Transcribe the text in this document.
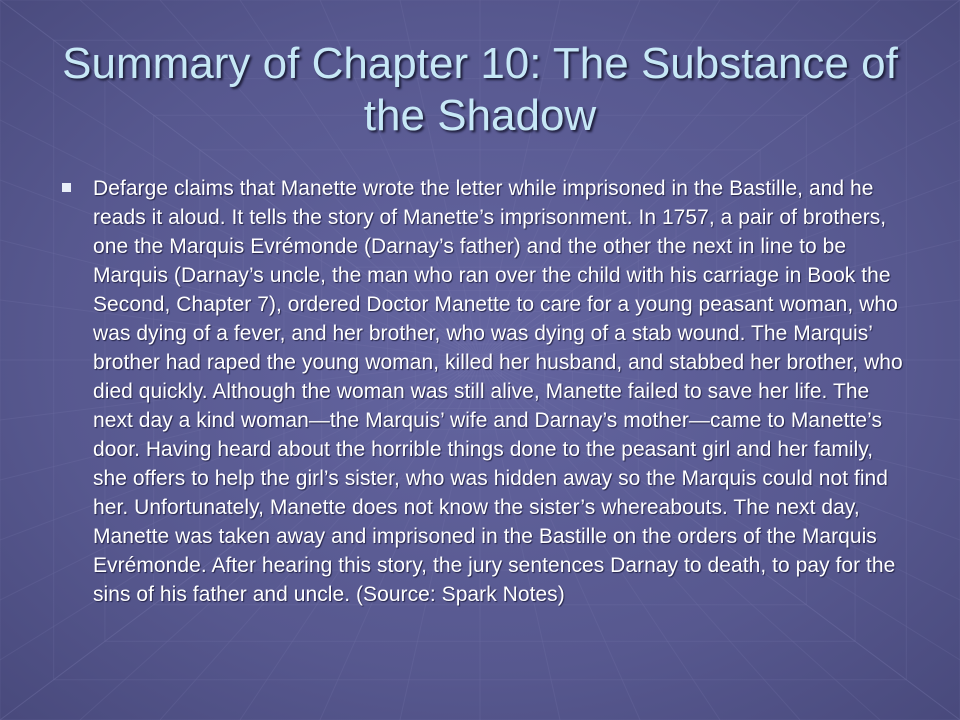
Summary of Chapter 10: The Substance of the Shadow
Defarge claims that Manette wrote the letter while imprisoned in the Bastille, and he reads it aloud. It tells the story of Manette’s imprisonment. In 1757, a pair of brothers, one the Marquis Evrémonde (Darnay’s father) and the other the next in line to be Marquis (Darnay’s uncle, the man who ran over the child with his carriage in Book the Second, Chapter 7), ordered Doctor Manette to care for a young peasant woman, who was dying of a fever, and her brother, who was dying of a stab wound. The Marquis’ brother had raped the young woman, killed her husband, and stabbed her brother, who died quickly. Although the woman was still alive, Manette failed to save her life. The next day a kind woman—the Marquis’ wife and Darnay’s mother—came to Manette’s door. Having heard about the horrible things done to the peasant girl and her family, she offers to help the girl’s sister, who was hidden away so the Marquis could not find her. Unfortunately, Manette does not know the sister’s whereabouts. The next day, Manette was taken away and imprisoned in the Bastille on the orders of the Marquis Evrémonde. After hearing this story, the jury sentences Darnay to death, to pay for the sins of his father and uncle. (Source: Spark Notes)
